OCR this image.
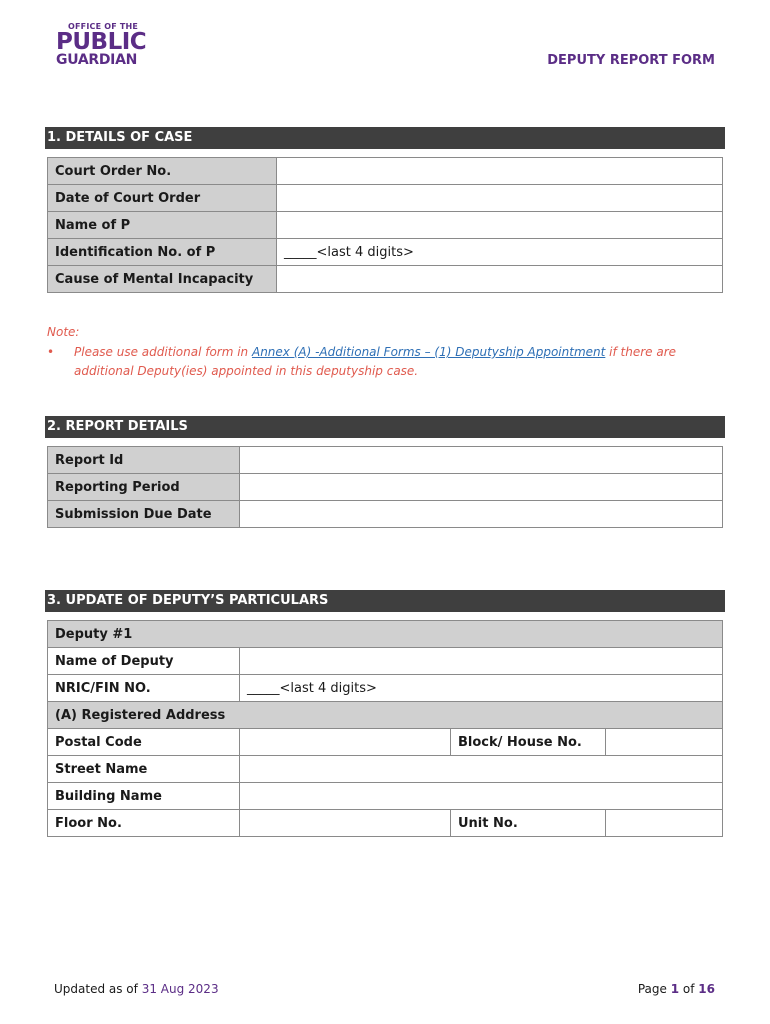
OFFICE OF THE
PUBLIC
GUARDIAN	DEPUTY REPORT FORM
1. DETAILS OF CASE
Court Order No.	
Date of Court Order	
Name of P	
Identification No. of P	_____<last 4 digits>
Cause of Mental Incapacity	
Note:
• Please use additional form in Annex (A) -Additional Forms – (1) Deputyship Appointment if there are additional Deputy(ies) appointed in this deputyship case.
2. REPORT DETAILS
Report Id	
Reporting Period	
Submission Due Date	
3. UPDATE OF DEPUTY’S PARTICULARS
Deputy #1			
Name of Deputy			
NRIC/FIN NO.	_____<last 4 digits>		
(A) Registered Address			
Postal Code		Block/ House No.	
Street Name			
Building Name			
Floor No.		Unit No.	
Updated as of 31 Aug 2023	Page 1 of 16
